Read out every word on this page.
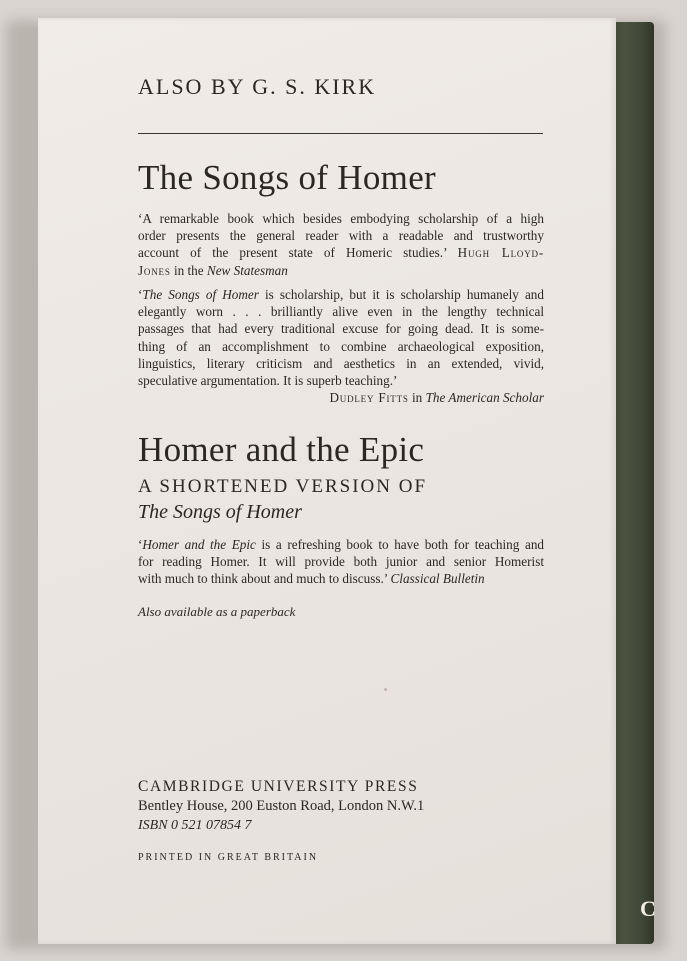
C
ALSO BY G. S. KIRK
The Songs of Homer
‘A remarkable book which besides embodying scholarship of a high
order presents the general reader with a readable and trustworthy
account of the present state of Homeric studies.’ Hugh Lloyd-
Jones in the New Statesman
‘The Songs of Homer is scholarship, but it is scholarship humanely and
elegantly worn . . . brilliantly alive even in the lengthy technical
passages that had every traditional excuse for going dead. It is some-
thing of an accomplishment to combine archaeological exposition,
linguistics, literary criticism and aesthetics in an extended, vivid,
speculative argumentation. It is superb teaching.’
Dudley Fitts in The American Scholar
Homer and the Epic
A SHORTENED VERSION OF
The Songs of Homer
‘Homer and the Epic is a refreshing book to have both for teaching and
for reading Homer. It will provide both junior and senior Homerist
with much to think about and much to discuss.’ Classical Bulletin
Also available as a paperback
CAMBRIDGE UNIVERSITY PRESS
Bentley House, 200 Euston Road, London N.W.1
ISBN 0 521 07854 7
PRINTED IN GREAT BRITAIN
